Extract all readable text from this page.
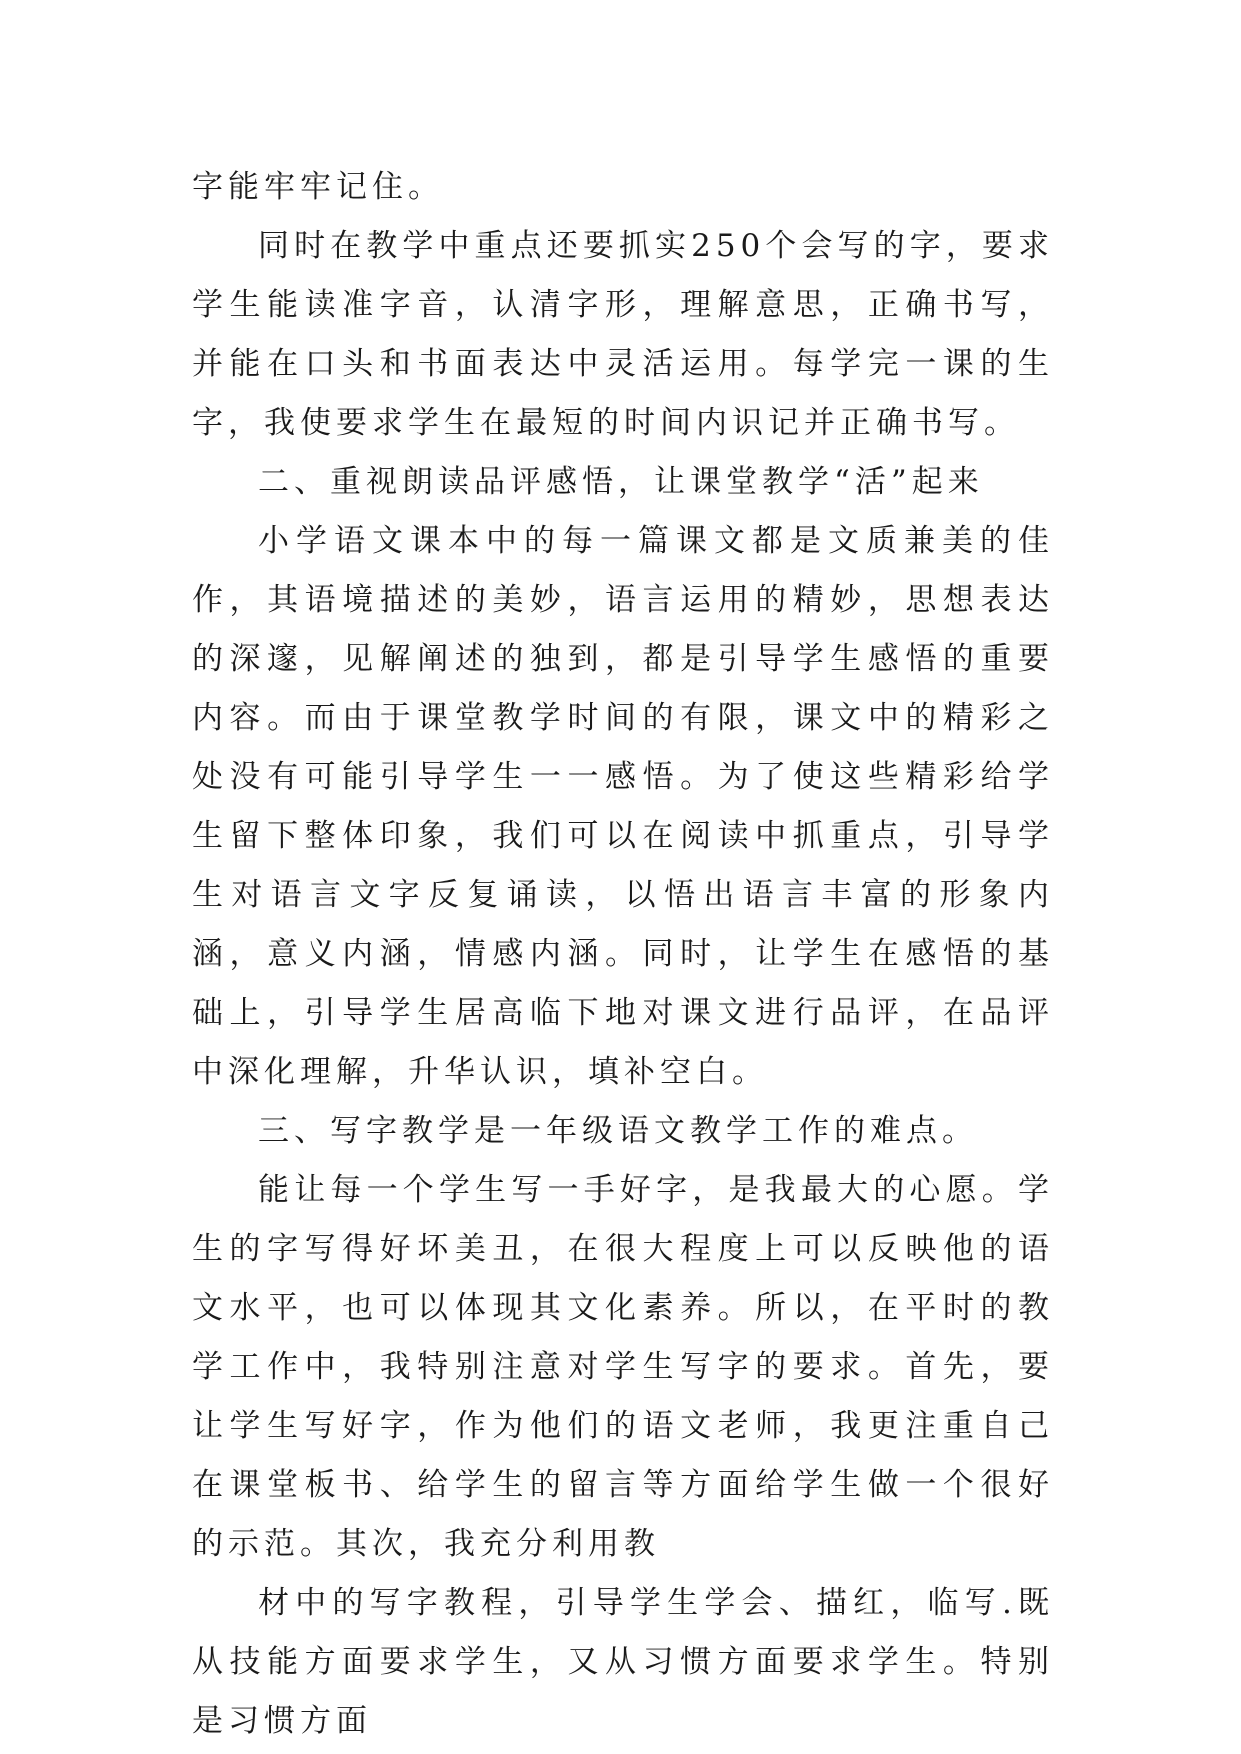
字能牢牢记住。

同时在教学中重点还要抓实250个会写的字，要求学生能读准字音，认清字形，理解意思，正确书写，并能在口头和书面表达中灵活运用。每学完一课的生字，我使要求学生在最短的时间内识记并正确书写。

二、重视朗读品评感悟，让课堂教学“活”起来

小学语文课本中的每一篇课文都是文质兼美的佳作，其语境描述的美妙，语言运用的精妙，思想表达的深邃，见解阐述的独到，都是引导学生感悟的重要内容。而由于课堂教学时间的有限，课文中的精彩之处没有可能引导学生一一感悟。为了使这些精彩给学生留下整体印象，我们可以在阅读中抓重点，引导学生对语言文字反复诵读，以悟出语言丰富的形象内涵，意义内涵，情感内涵。同时，让学生在感悟的基础上，引导学生居高临下地对课文进行品评，在品评中深化理解，升华认识，填补空白。

三、写字教学是一年级语文教学工作的难点。

能让每一个学生写一手好字，是我最大的心愿。学生的字写得好坏美丑，在很大程度上可以反映他的语文水平，也可以体现其文化素养。所以，在平时的教学工作中，我特别注意对学生写字的要求。首先，要让学生写好字，作为他们的语文老师，我更注重自己在课堂板书、给学生的留言等方面给学生做一个很好的示范。其次，我充分利用教

材中的写字教程，引导学生学会、描红，临写.既从技能方面要求学生，又从习惯方面要求学生。特别是习惯方面
